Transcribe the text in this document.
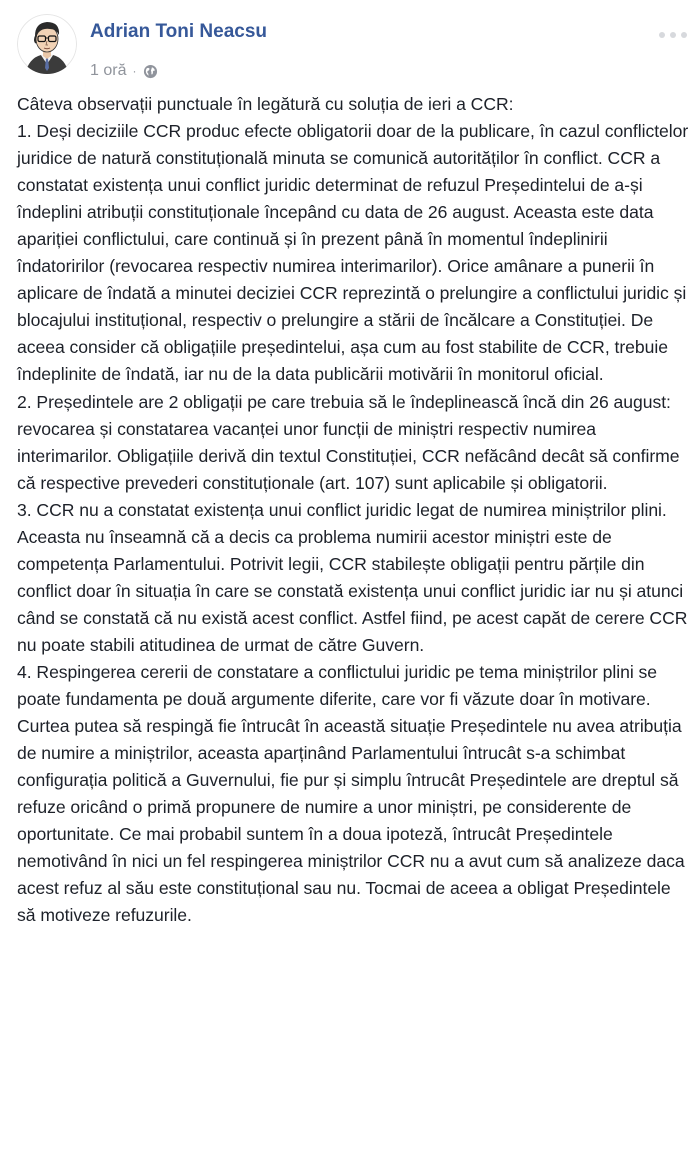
Adrian Toni Neacsu
1 oră ·

Câteva observații punctuale în legătură cu soluția de ieri a CCR:

1. Deși deciziile CCR produc efecte obligatorii doar de la publicare, în cazul conflictelor juridice de natură constituțională minuta se comunică autorităților în conflict. CCR a constatat existența unui conflict juridic determinat de refuzul Președintelui de a-și îndeplini atribuții constituționale începând cu data de 26 august. Aceasta este data apariției conflictului, care continuă și în prezent până în momentul îndeplinirii îndatoririlor (revocarea respectiv numirea interimarilor). Orice amânare a punerii în aplicare de îndată a minutei deciziei CCR reprezintă o prelungire a conflictului juridic și blocajului instituțional, respectiv o prelungire a stării de încălcare a Constituției. De aceea consider că obligațiile președintelui, așa cum au fost stabilite de CCR, trebuie îndeplinite de îndată, iar nu de la data publicării motivării în monitorul oficial.

2. Președintele are 2 obligații pe care trebuia să le îndeplinească încă din 26 august: revocarea și constatarea vacanței unor funcții de miniștri respectiv numirea interimarilor. Obligațiile derivă din textul Constituției, CCR nefăcând decât să confirme că respective prevederi constituționale (art. 107) sunt aplicabile și obligatorii.

3. CCR nu a constatat existența unui conflict juridic legat de numirea miniștrilor plini. Aceasta nu înseamnă că a decis ca problema numirii acestor miniștri este de competența Parlamentului. Potrivit legii, CCR stabilește obligații pentru părțile din conflict doar în situația în care se constată existența unui conflict juridic iar nu și atunci când se constată că nu există acest conflict. Astfel fiind, pe acest capăt de cerere CCR nu poate stabili atitudinea de urmat de către Guvern.

4. Respingerea cererii de constatare a conflictului juridic pe tema miniștrilor plini se poate fundamenta pe două argumente diferite, care vor fi văzute doar în motivare. Curtea putea să respingă fie întrucât în această situație Președintele nu avea atribuția de numire a miniștrilor, aceasta aparținând Parlamentului întrucât s-a schimbat configurația politică a Guvernului, fie pur și simplu întrucât Președintele are dreptul să refuze oricând o primă propunere de numire a unor miniștri, pe considerente de oportunitate. Ce mai probabil suntem în a doua ipoteză, întrucât Președintele nemotivând în nici un fel respingerea miniștrilor CCR nu a avut cum să analizeze daca acest refuz al său este constituțional sau nu. Tocmai de aceea a obligat Președintele să motiveze refuzurile.
